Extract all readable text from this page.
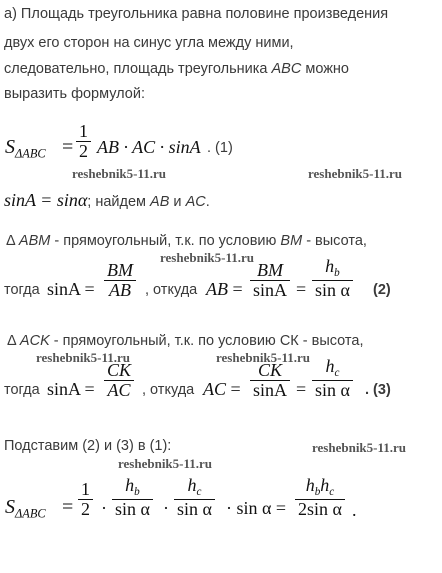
а) Площадь треугольника равна половине произведения
двух его сторон на синус угла между ними,
следовательно, площадь треугольника ABC можно
выразить формулой:
$S_{\Delta ABC}$ =
1
2 AB · AC · sinA . (1)
reshebnik5-11.ru	reshebnik5-11.ru
sinA = sinα; найдем AB и AC.
Δ ABM - прямоугольный, т.к. по условию BM - высота,
reshebnik5-11.ru
тогда sinA =
BM
AB , откуда AB =
BM
sinA =
$h_b$
sin α (2)
Δ ACK - прямоугольный, т.к. по условию СК - высота,
reshebnik5-11.ru	reshebnik5-11.ru
тогда sinA =
CK
AC , откуда AC =
CK
sinA =
$h_c$
sin α . (3)
Подставим (2) и (3) в (1):	reshebnik5-11.ru
reshebnik5-11.ru
$S_{\Delta ABC}$ =
1
2 ·
$h_b$
sin α ·
$h_c$
sin α · sin α =
$h_bh_c$
2sin α .
